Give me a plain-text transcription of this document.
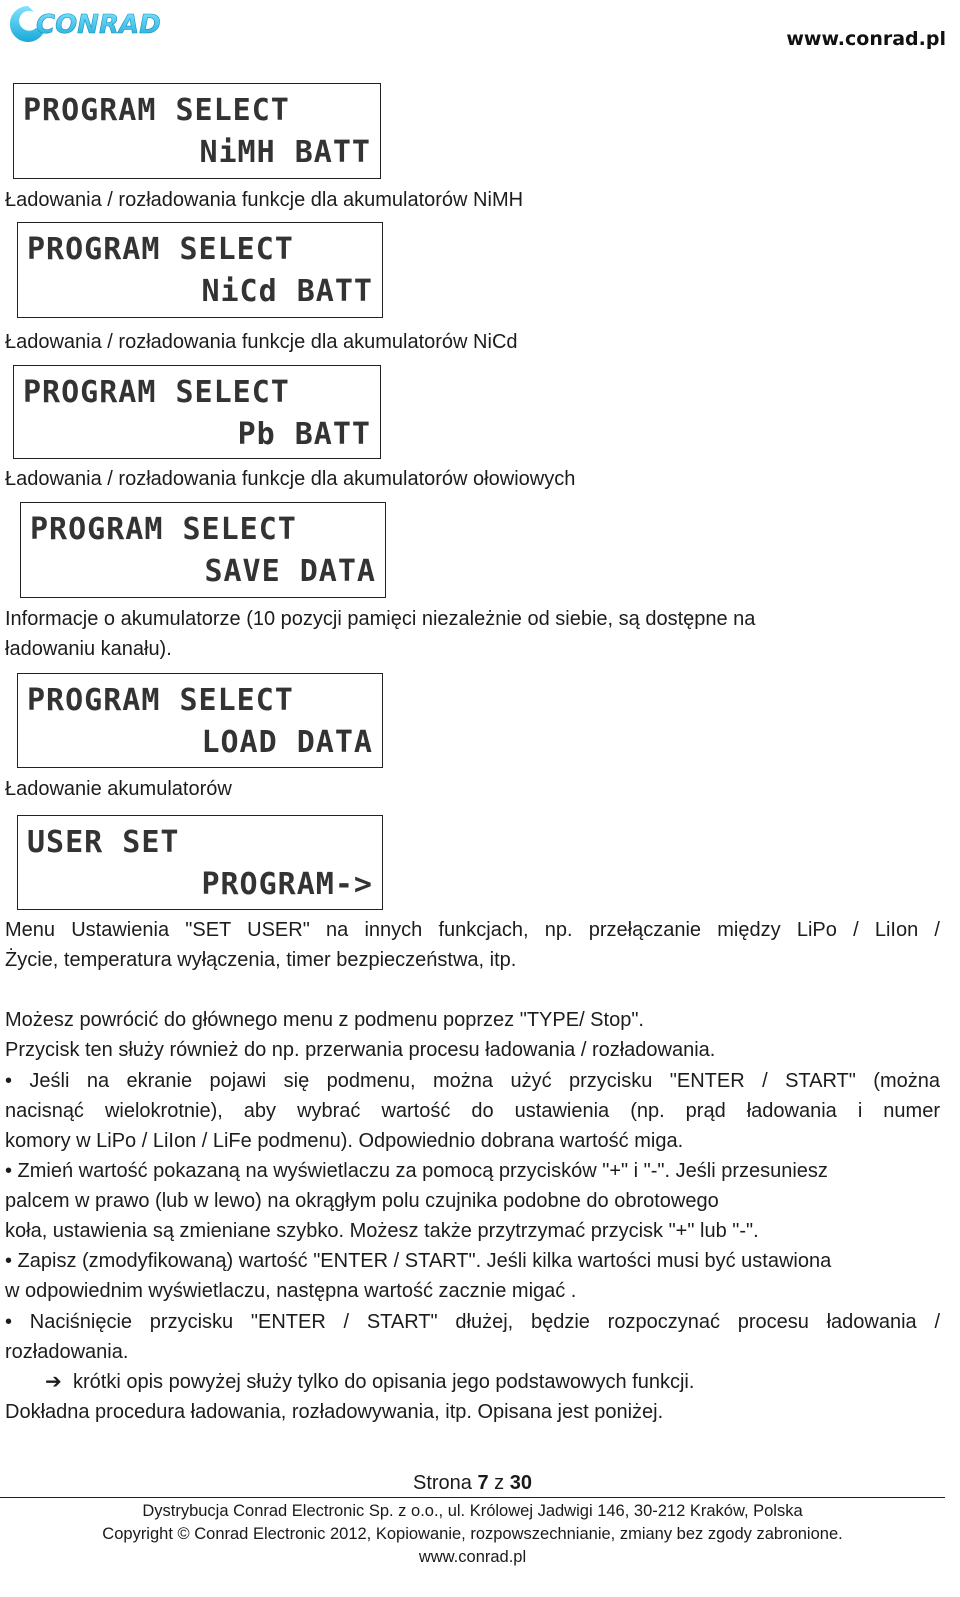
CONRAD	www.conrad.pl
PROGRAM SELECT
NiMH BATT
Ładowania / rozładowania funkcje dla akumulatorów NiMH
PROGRAM SELECT
NiCd BATT
Ładowania / rozładowania funkcje dla akumulatorów NiCd
PROGRAM SELECT
Pb BATT
Ładowania / rozładowania funkcje dla akumulatorów ołowiowych
PROGRAM SELECT
SAVE DATA
Informacje o akumulatorze (10 pozycji pamięci niezależnie od siebie, są dostępne na
ładowaniu kanału).
PROGRAM SELECT
LOAD DATA
Ładowanie akumulatorów
USER SET
PROGRAM->
Menu Ustawienia "SET USER" na innych funkcjach, np. przełączanie między LiPo / LiIon /
Życie, temperatura wyłączenia, timer bezpieczeństwa, itp.
Możesz powrócić do głównego menu z podmenu poprzez "TYPE/ Stop".
Przycisk ten służy również do np. przerwania procesu ładowania / rozładowania.
• Jeśli na ekranie pojawi się podmenu, można użyć przycisku "ENTER / START" (można
nacisnąć wielokrotnie), aby wybrać wartość do ustawienia (np. prąd ładowania i numer
komory w LiPo / LiIon / LiFe podmenu). Odpowiednio dobrana wartość miga.
• Zmień wartość pokazaną na wyświetlaczu za pomocą przycisków "+" i "-". Jeśli przesuniesz
palcem w prawo (lub w lewo) na okrągłym polu czujnika podobne do obrotowego
koła, ustawienia są zmieniane szybko. Możesz także przytrzymać przycisk "+" lub "-".
• Zapisz (zmodyfikowaną) wartość "ENTER / START". Jeśli kilka wartości musi być ustawiona
w odpowiednim wyświetlaczu, następna wartość zacznie migać .
• Naciśnięcie przycisku "ENTER / START" dłużej, będzie rozpoczynać procesu ładowania /
rozładowania.
➔ krótki opis powyżej służy tylko do opisania jego podstawowych funkcji.
Dokładna procedura ładowania, rozładowywania, itp. Opisana jest poniżej.
Strona 7 z 30
Dystrybucja Conrad Electronic Sp. z o.o., ul. Królowej Jadwigi 146, 30-212 Kraków, Polska
Copyright © Conrad Electronic 2012, Kopiowanie, rozpowszechnianie, zmiany bez zgody zabronione.
www.conrad.pl
